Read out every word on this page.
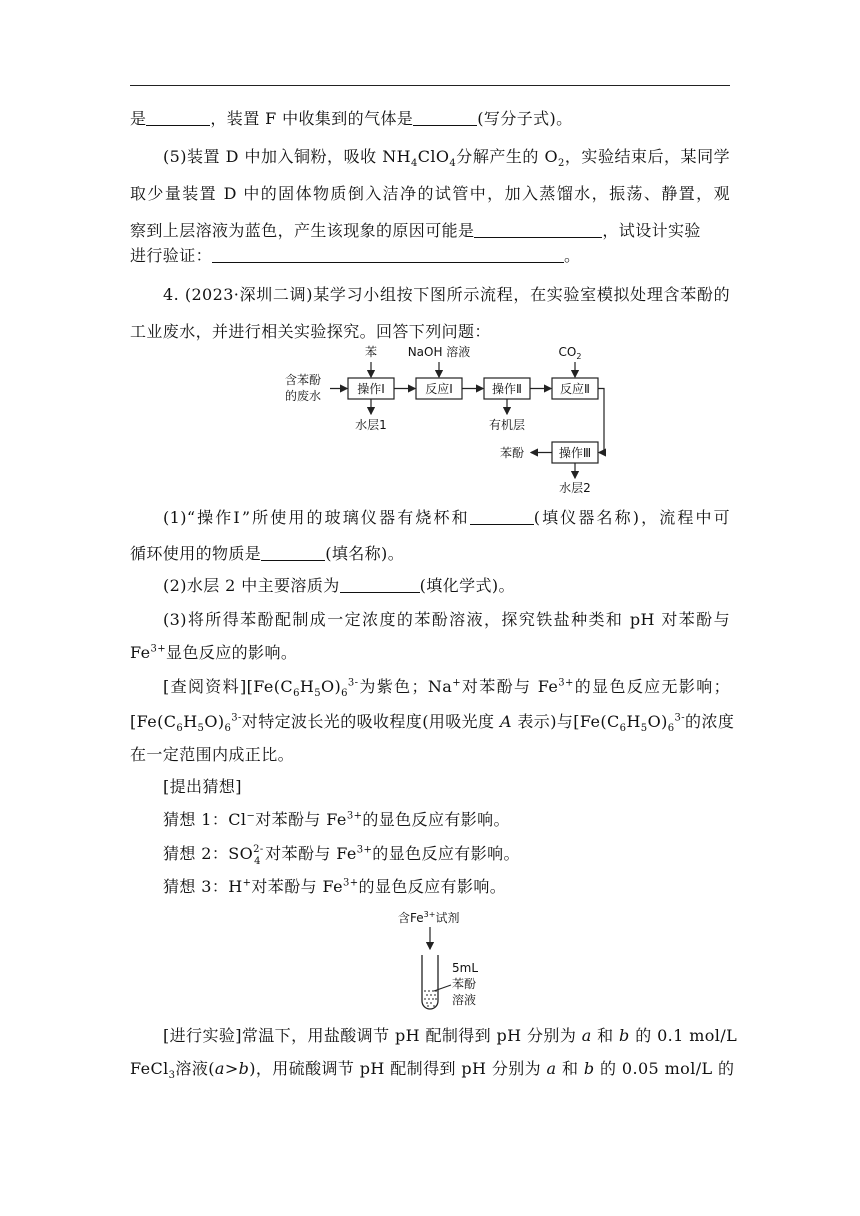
是	，装置 F 中收集到的气体是	(写分子式)。
(5)装置 D 中加入铜粉，吸收 $NH_4ClO_4$分解产生的 $O_2$，实验结束后，某同学
取少量装置 D 中的固体物质倒入洁净的试管中，加入蒸馏水，振荡、静置，观
察到上层溶液为蓝色，产生该现象的原因可能是	，试设计实验
进行验证：	。
4. (2023·深圳二调)某学习小组按下图所示流程，在实验室模拟处理含苯酚的
工业废水，并进行相关实验探究。回答下列问题：
含苯酚
的废水	操作Ⅰ	反应Ⅰ	操作Ⅱ	反应Ⅱ
操作Ⅲ
苯	NaOH 溶液	$CO_2$
水层1	有机层
苯酚
水层2
(1)“操作Ⅰ”所使用的玻璃仪器有烧杯和	(填仪器名称)，流程中可
循环使用的物质是	(填名称)。
(2)水层 2 中主要溶质为	(填化学式)。
(3)将所得苯酚配制成一定浓度的苯酚溶液，探究铁盐种类和 pH 对苯酚与
$Fe^{3+}$显色反应的影响。
[查阅资料][$Fe(C_6H_5O)_6^{3-}$为紫色；Na+对苯酚与 $Fe^{3+}$的显色反应无影响；
[$Fe(C_6H_5O)_6^{3-}$对特定波长光的吸收程度(用吸光度 A 表示)与[$Fe(C_6H_5O)_6^{3-}$的浓度
在一定范围内成正比。
[提出猜想]
猜想 1：Cl−对苯酚与 $Fe^{3+}$的显色反应有影响。
猜想 2：SO 2-
4 对苯酚与 $Fe^{3+}$的显色反应有影响。
猜想 3：H+对苯酚与 $Fe^{3+}$的显色反应有影响。
含$Fe^{3+}$试剂
5mL
苯酚
溶液
[进行实验]常温下，用盐酸调节 pH 配制得到 pH 分别为 a 和 b 的 0.1 mol/L
FeCl$_3$溶液(a>b)，用硫酸调节 pH 配制得到 pH 分别为 a 和 b 的 0.05 mol/L 的
